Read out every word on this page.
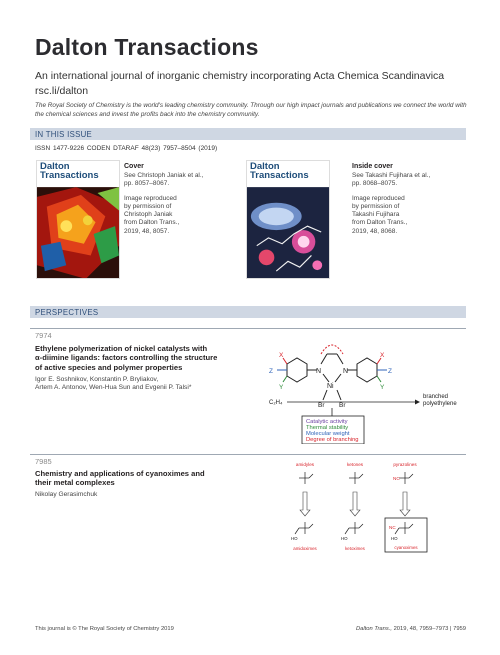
Dalton Transactions
An international journal of inorganic chemistry incorporating Acta Chemica Scandinavica
rsc.li/dalton
The Royal Society of Chemistry is the world's leading chemistry community. Through our high impact journals and publications we connect the world with the chemical sciences and invest the profits back into the chemistry community.
IN THIS ISSUE
ISSN 1477-9226 CODEN DTARAF 48(23) 7957–8504 (2019)
Dalton
Transactions
Cover
See Christoph Janiak et al.,
pp. 8057–8067.
Image reproduced
by permission of
Christoph Janiak
from Dalton Trans.,
2019, 48, 8057.
Dalton
Transactions
Inside cover
See Takashi Fujihara et al.,
pp. 8068–8075.
Image reproduced
by permission of
Takashi Fujihara
from Dalton Trans.,
2019, 48, 8068.
PERSPECTIVES
7974
Ethylene polymerization of nickel catalysts with
α-diimine ligands: factors controlling the structure
of active species and polymer properties
Igor E. Soshnikov, Konstantin P. Bryliakov,
Artem A. Antonov, Wen-Hua Sun and Evgenii P. Talsi*
N	N
Ni
Br Br
X	X
Y	Y
Z	Z
C₂H₄
branched
polyethylene
Catalytic activity
Thermal stability
Molecular weight
Degree of branching
7985
Chemistry and applications of cyanoximes and
their metal complexes
Nikolay Gerasimchuk
amidyles	ketones	pyrazolines
NC
HO	HO
NC
HO
amidoximes	ketoximes	cyanoximes
This journal is © The Royal Society of Chemistry 2019	Dalton Trans., 2019, 48, 7959–7973 | 7959
